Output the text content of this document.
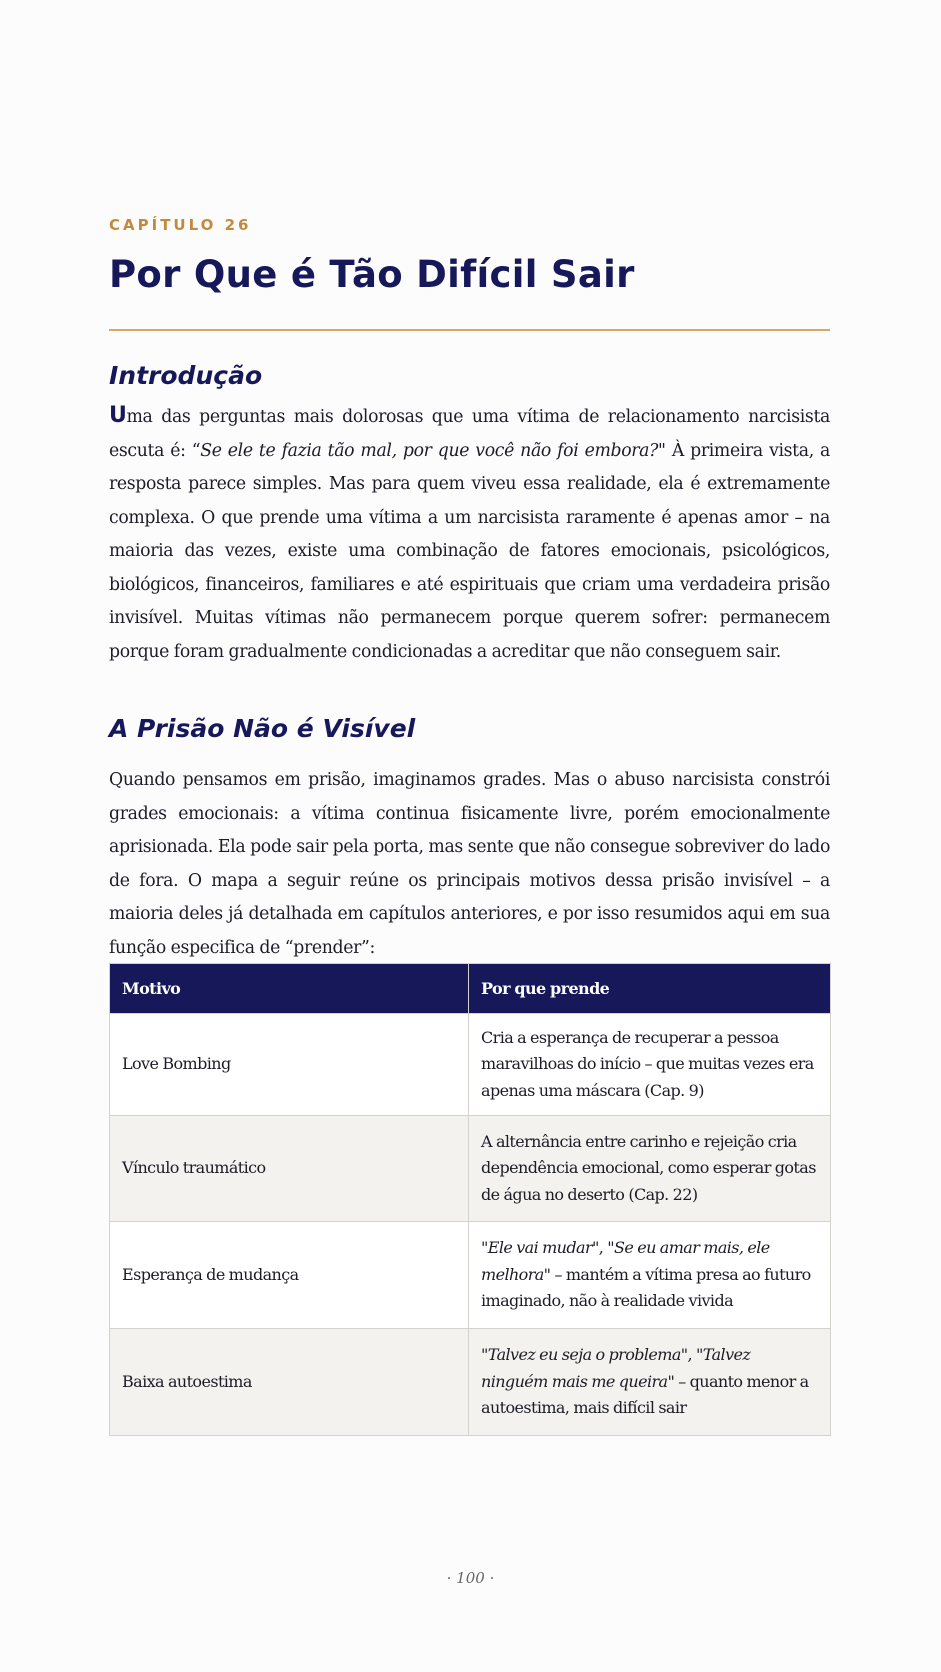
CAPÍTULO 26
Por Que é Tão Difícil Sair
Introdução

Uma das perguntas mais dolorosas que uma vítima de relacionamento narcisista escuta é: “Se ele te fazia tão mal, por que você não foi embora?" À primeira vista, a resposta parece simples. Mas para quem viveu essa realidade, ela é extremamente complexa. O que prende uma vítima a um narcisista raramente é apenas amor – na maioria das vezes, existe uma combinação de fatores emocionais, psicológicos, biológicos, financeiros, familiares e até espirituais que criam uma verdadeira prisão invisível. Muitas vítimas não permanecem porque querem sofrer: permanecem porque foram gradualmente condicionadas a acreditar que não conseguem sair.

A Prisão Não é Visível

Quando pensamos em prisão, imaginamos grades. Mas o abuso narcisista constrói grades emocionais: a vítima continua fisicamente livre, porém emocionalmente aprisionada. Ela pode sair pela porta, mas sente que não consegue sobreviver do lado de fora. O mapa a seguir reúne os principais motivos dessa prisão invisível – a maioria deles já detalhada em capítulos anteriores, e por isso resumidos aqui em sua função especifica de “prender”:

Motivo	Por que prende
Love Bombing	Cria a esperança de recuperar a pessoa maravilhoas do início – que muitas vezes era apenas uma máscara (Cap. 9)
Vínculo traumático	A alternância entre carinho e rejeição cria dependência emocional, como esperar gotas de água no deserto (Cap. 22)
Esperança de mudança	"Ele vai mudar", "Se eu amar mais, ele melhora" – mantém a vítima presa ao futuro imaginado, não à realidade vivida
Baixa autoestima	"Talvez eu seja o problema", "Talvez ninguém mais me queira" – quanto menor a autoestima, mais difícil sair
· 100 ·
